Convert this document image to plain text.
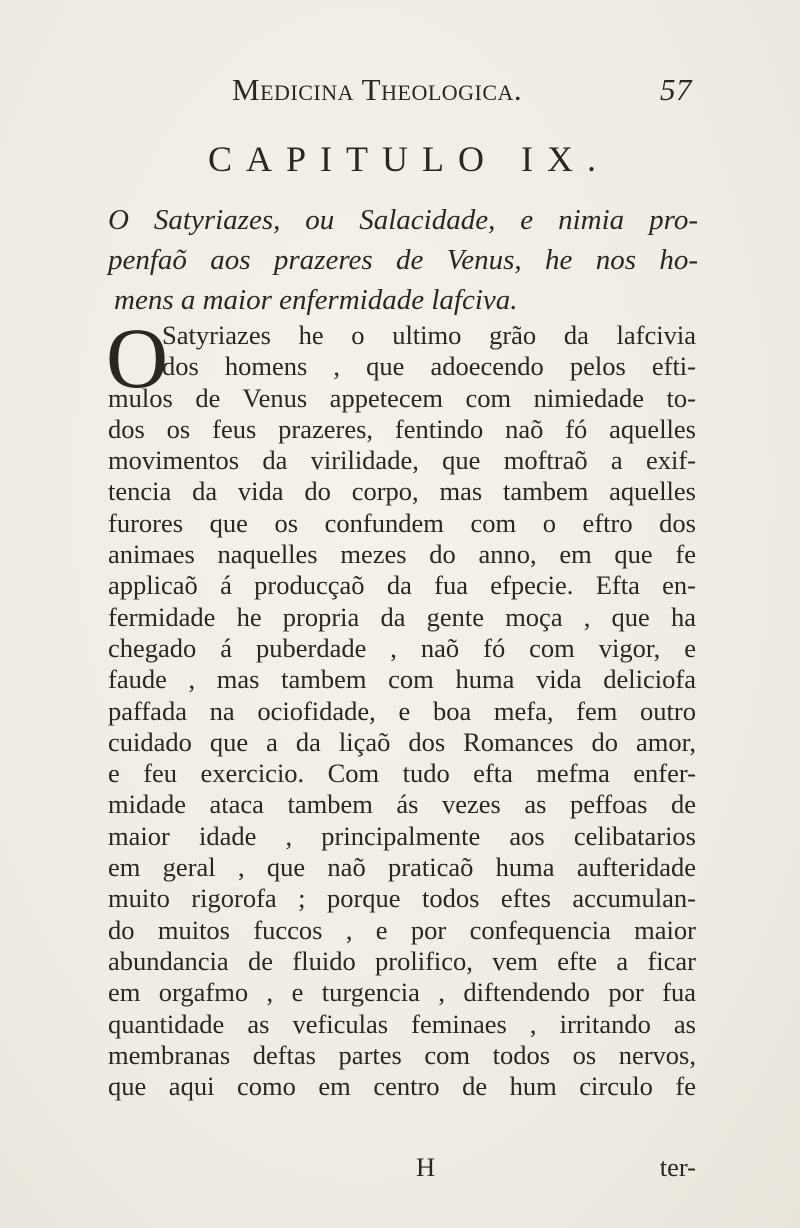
Medicina Theologica.	57
CAPITULO IX.
O Satyriazes, ou Salacidade, e nimia pro-
penfaõ aos prazeres de Venus, he nos ho-
mens a maior enfermidade lafciva.
O
Satyriazes he o ultimo grão da lafcivia
dos homens , que adoecendo pelos efti-
mulos de Venus appetecem com nimiedade to-
dos os feus prazeres, fentindo naõ fó aquelles
movimentos da virilidade, que moftraõ a exif-
tencia da vida do corpo, mas tambem aquelles
furores que os confundem com o eftro dos
animaes naquelles mezes do anno, em que fe
applicaõ á producçaõ da fua efpecie. Efta en-
fermidade he propria da gente moça , que ha
chegado á puberdade , naõ fó com vigor, e
faude , mas tambem com huma vida deliciofa
paffada na ociofidade, e boa mefa, fem outro
cuidado que a da liçaõ dos Romances do amor,
e feu exercicio. Com tudo efta mefma enfer-
midade ataca tambem ás vezes as peffoas de
maior idade , principalmente aos celibatarios
em geral , que naõ praticaõ huma aufteridade
muito rigorofa ; porque todos eftes accumulan-
do muitos fuccos , e por confequencia maior
abundancia de fluido prolifico, vem efte a ficar
em orgafmo , e turgencia , diftendendo por fua
quantidade as veficulas feminaes , irritando as
membranas deftas partes com todos os nervos,
que aqui como em centro de hum circulo fe
H	ter-
